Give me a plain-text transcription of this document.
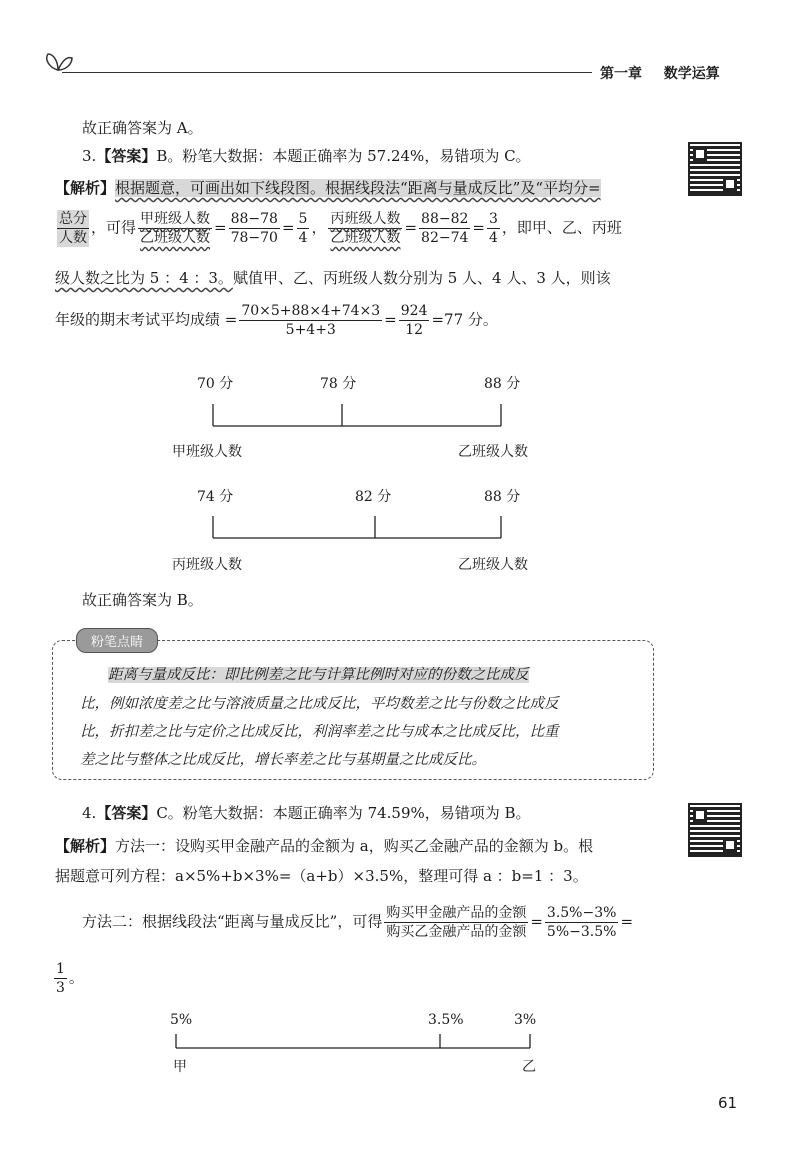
第一章 数学运算
故正确答案为 A。
3.【答案】B。粉笔大数据：本题正确率为 57.24%，易错项为 C。
【解析】根据题意，可画出如下线段图。根据线段法“距离与量成反比”及“平均分=
$\frac{\text{总分}}{\text{人数}}$ ，可得 $\frac{\text{甲班级人数}}{\text{乙班级人数}} = \frac{88-78}{78-70} = \frac{5}{4}$ ， $\frac{\text{丙班级人数}}{\text{乙班级人数}} = \frac{88-82}{82-74} = \frac{3}{4}$ ，即甲、乙、丙班
级人数之比为 5 ：4 ：3。赋值甲、乙、丙班级人数分别为 5 人、4 人、3 人，则该
年级的期末考试平均成绩 = $\frac{70\times 5+88\times 4+74\times 3}{5+4+3} = \frac{924}{12} =77$ 分。
70 分	78 分	88 分
甲班级人数	乙班级人数
74 分	82 分	88 分
丙班级人数	乙班级人数
故正确答案为 B。
粉笔点睛
距离与量成反比：即比例差之比与计算比例时对应的份数之比成反
比，例如浓度差之比与溶液质量之比成反比，平均数差之比与份数之比成反
比，折扣差之比与定价之比成反比，利润率差之比与成本之比成反比，比重
差之比与整体之比成反比，增长率差之比与基期量之比成反比。
4.【答案】C。粉笔大数据：本题正确率为 74.59%，易错项为 B。
【解析】方法一：设购买甲金融产品的金额为 a，购买乙金融产品的金额为 b。根
据题意可列方程：a×5%+b×3%=（a+b）×3.5%，整理可得 a ：b=1 ：3。
方法二：根据线段法“距离与量成反比”，可得 $\frac{\text{购买甲金融产品的金额}}{\text{购买乙金融产品的金额}} = \frac{3.5\%-3\%}{5\%-3.5\%}$ =
$\frac{1}{3}$ 。
5%	3.5%	3%
甲	乙
61
